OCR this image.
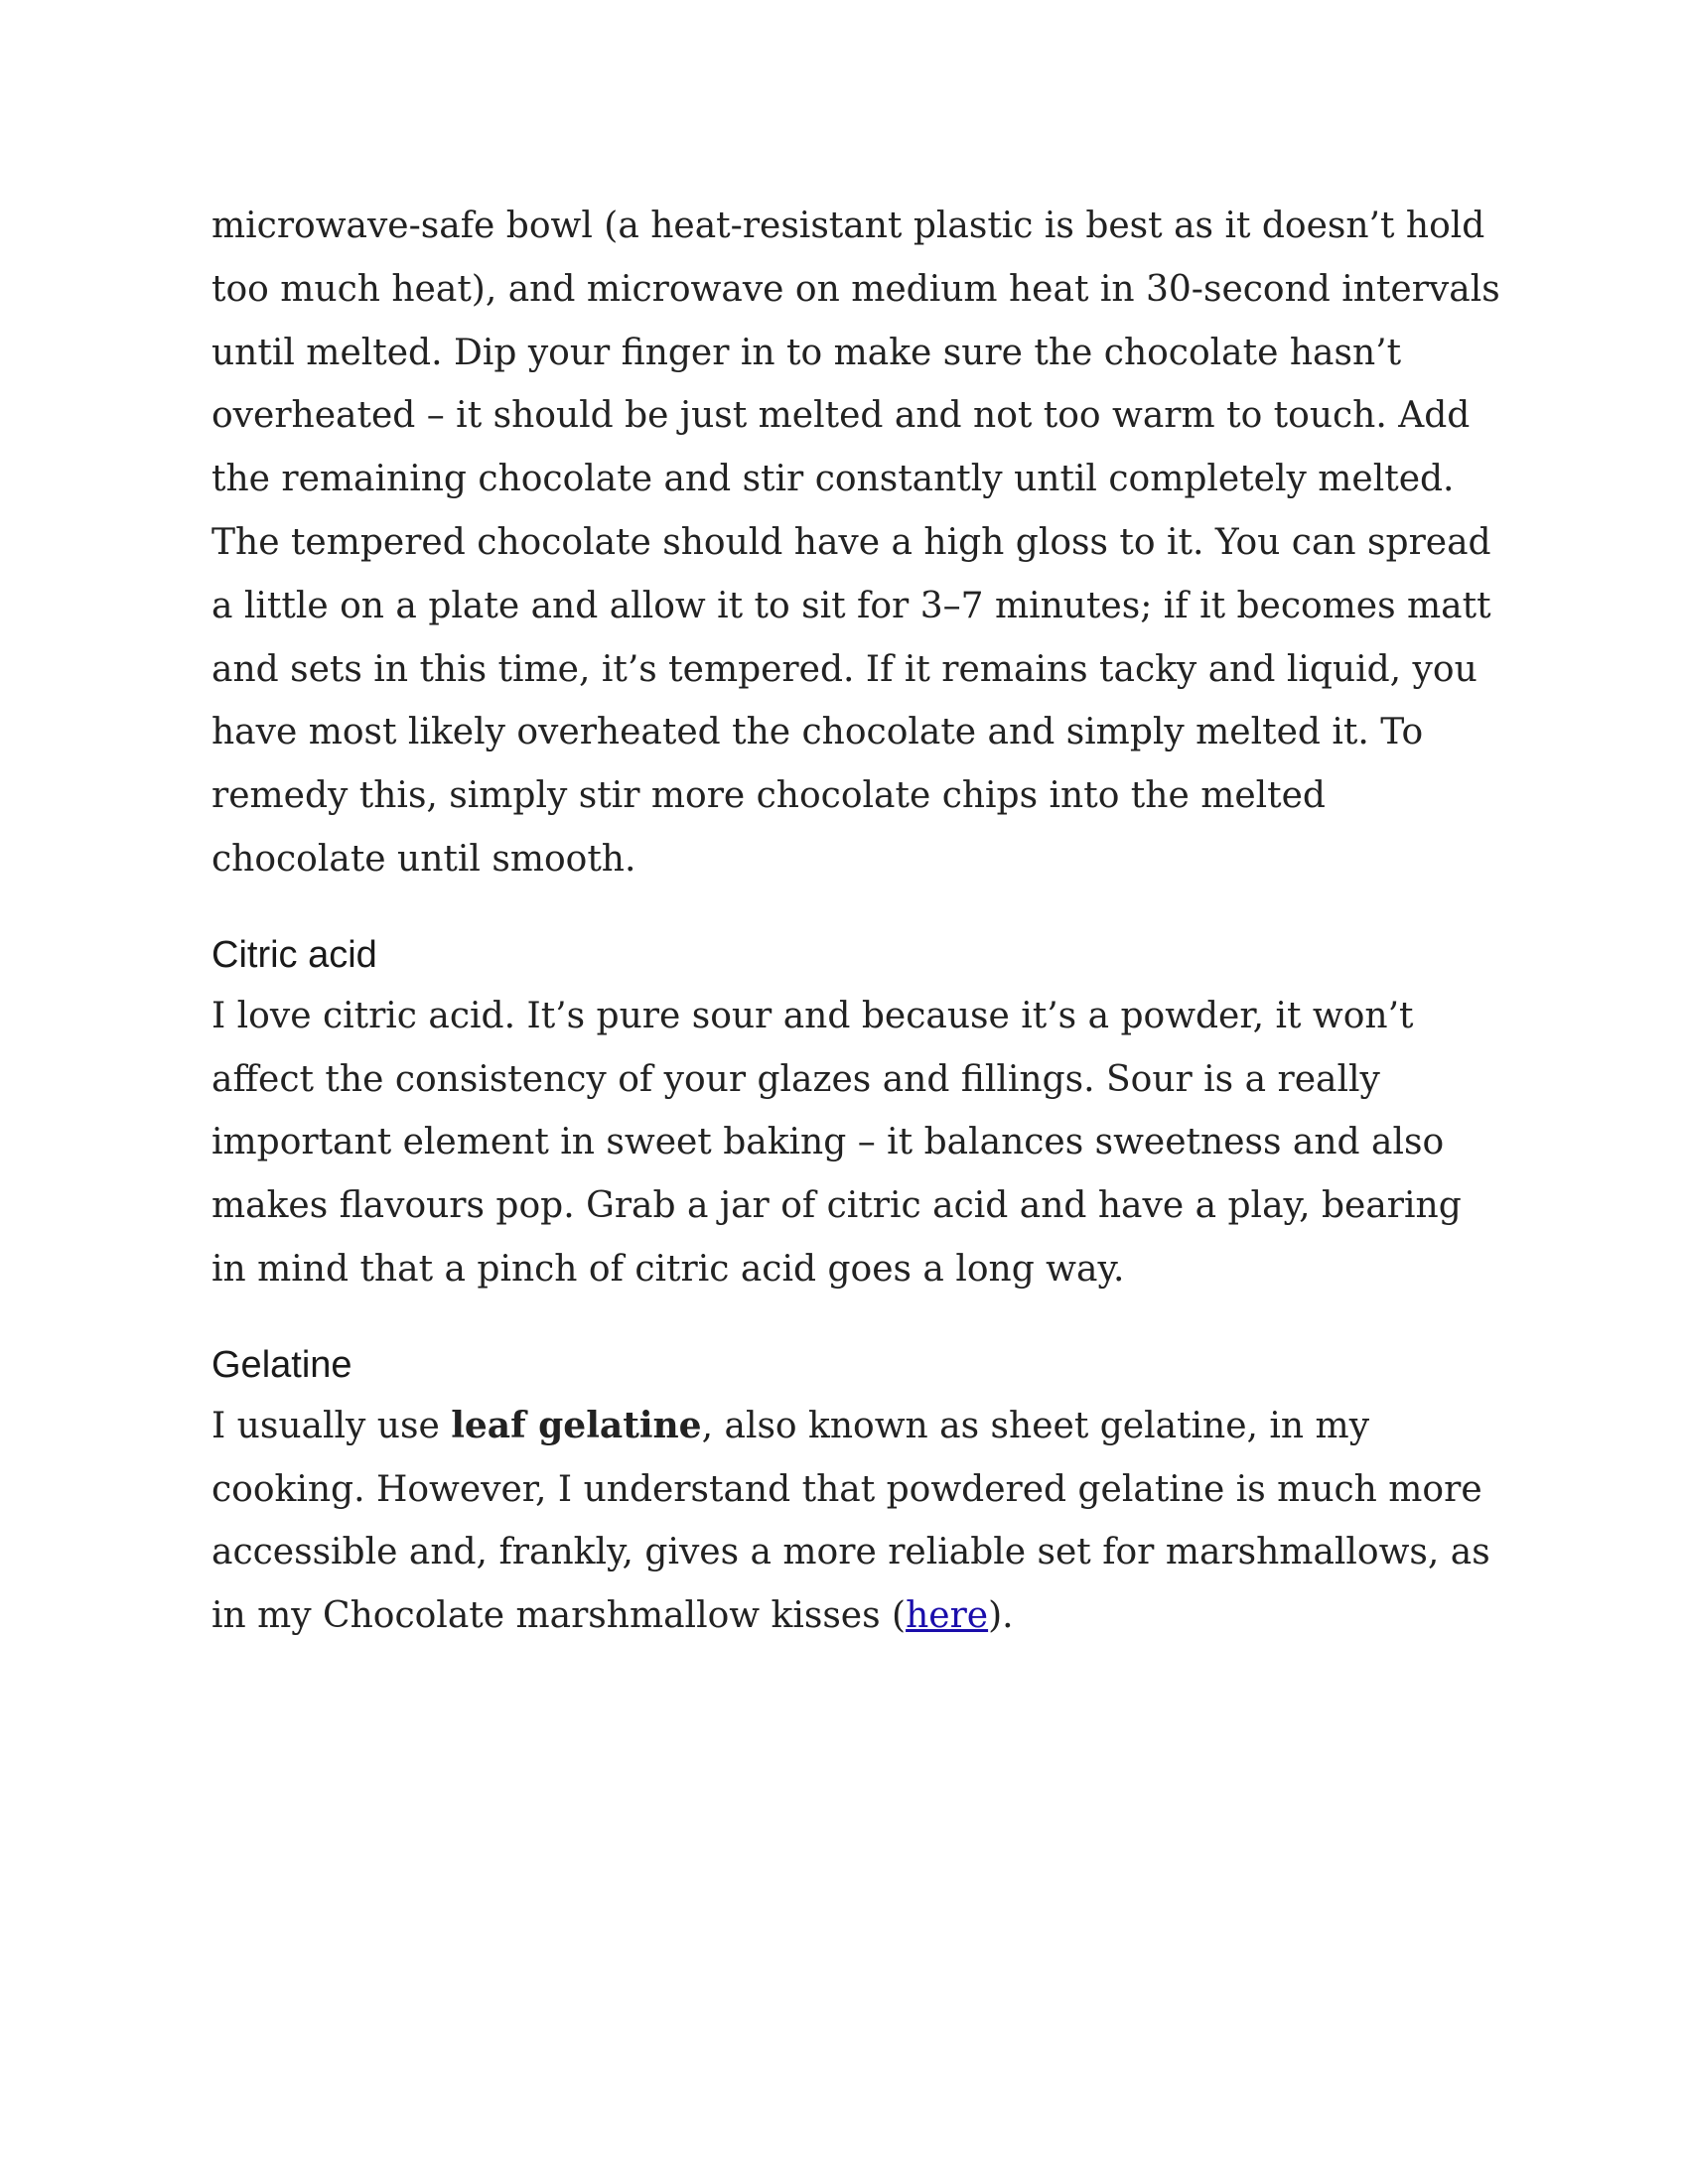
microwave-safe bowl (a heat-resistant plastic is best as it doesn’t hold too much heat), and microwave on medium heat in 30-second intervals until melted. Dip your finger in to make sure the chocolate hasn’t overheated – it should be just melted and not too warm to touch. Add the remaining chocolate and stir constantly until completely melted. The tempered chocolate should have a high gloss to it. You can spread a little on a plate and allow it to sit for 3–7 minutes; if it becomes matt and sets in this time, it’s tempered. If it remains tacky and liquid, you have most likely overheated the chocolate and simply melted it. To remedy this, simply stir more chocolate chips into the melted chocolate until smooth.

Citric acid

I love citric acid. It’s pure sour and because it’s a powder, it won’t affect the consistency of your glazes and fillings. Sour is a really important element in sweet baking – it balances sweetness and also makes flavours pop. Grab a jar of citric acid and have a play, bearing in mind that a pinch of citric acid goes a long way.

Gelatine

I usually use leaf gelatine, also known as sheet gelatine, in my cooking. However, I understand that powdered gelatine is much more accessible and, frankly, gives a more reliable set for marshmallows, as in my Chocolate marshmallow kisses (here).
